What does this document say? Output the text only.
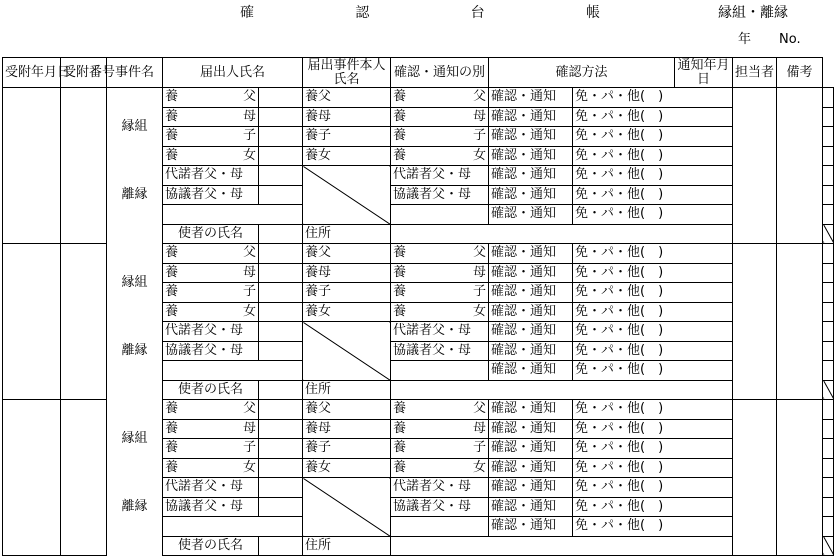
確	認	台	帳	縁組・離縁
年 No.
受附年月日	受附番号	事件名	届出人氏名		届出事件本人氏名	確認・通知の別	確認方法		通知年月日	担当者	備考	
		縁組	養 父		養父	養 父	確認・通知	免・パ・他(　)				

			養 母		養母	養 母	確認・通知	免・パ・他(　)				

			養 子		養子	養 子	確認・通知	免・パ・他(　)				

			養 女		養女	養 女	確認・通知	免・パ・他(　)				
		離縁	代諾者父・母			代諾者父・母	確認・通知	免・パ・他(　)				
			協議者父・母			協議者父・母	確認・通知	免・パ・他(　)				
							確認・通知	免・パ・他(　)				
			使者の氏名		住所							
		縁組	養 父		養父	養 父	確認・通知	免・パ・他(　)				

			養 母		養母	養 母	確認・通知	免・パ・他(　)				

			養 子		養子	養 子	確認・通知	免・パ・他(　)				

			養 女		養女	養 女	確認・通知	免・パ・他(　)				
		離縁	代諾者父・母			代諾者父・母	確認・通知	免・パ・他(　)				
			協議者父・母			協議者父・母	確認・通知	免・パ・他(　)				
							確認・通知	免・パ・他(　)				
			使者の氏名		住所							
		縁組	養 父		養父	養 父	確認・通知	免・パ・他(　)				

			養 母		養母	養 母	確認・通知	免・パ・他(　)				

			養 子		養子	養 子	確認・通知	免・パ・他(　)				

			養 女		養女	養 女	確認・通知	免・パ・他(　)				
		離縁	代諾者父・母			代諾者父・母	確認・通知	免・パ・他(　)				
			協議者父・母			協議者父・母	確認・通知	免・パ・他(　)				
							確認・通知	免・パ・他(　)				
			使者の氏名		住所							
